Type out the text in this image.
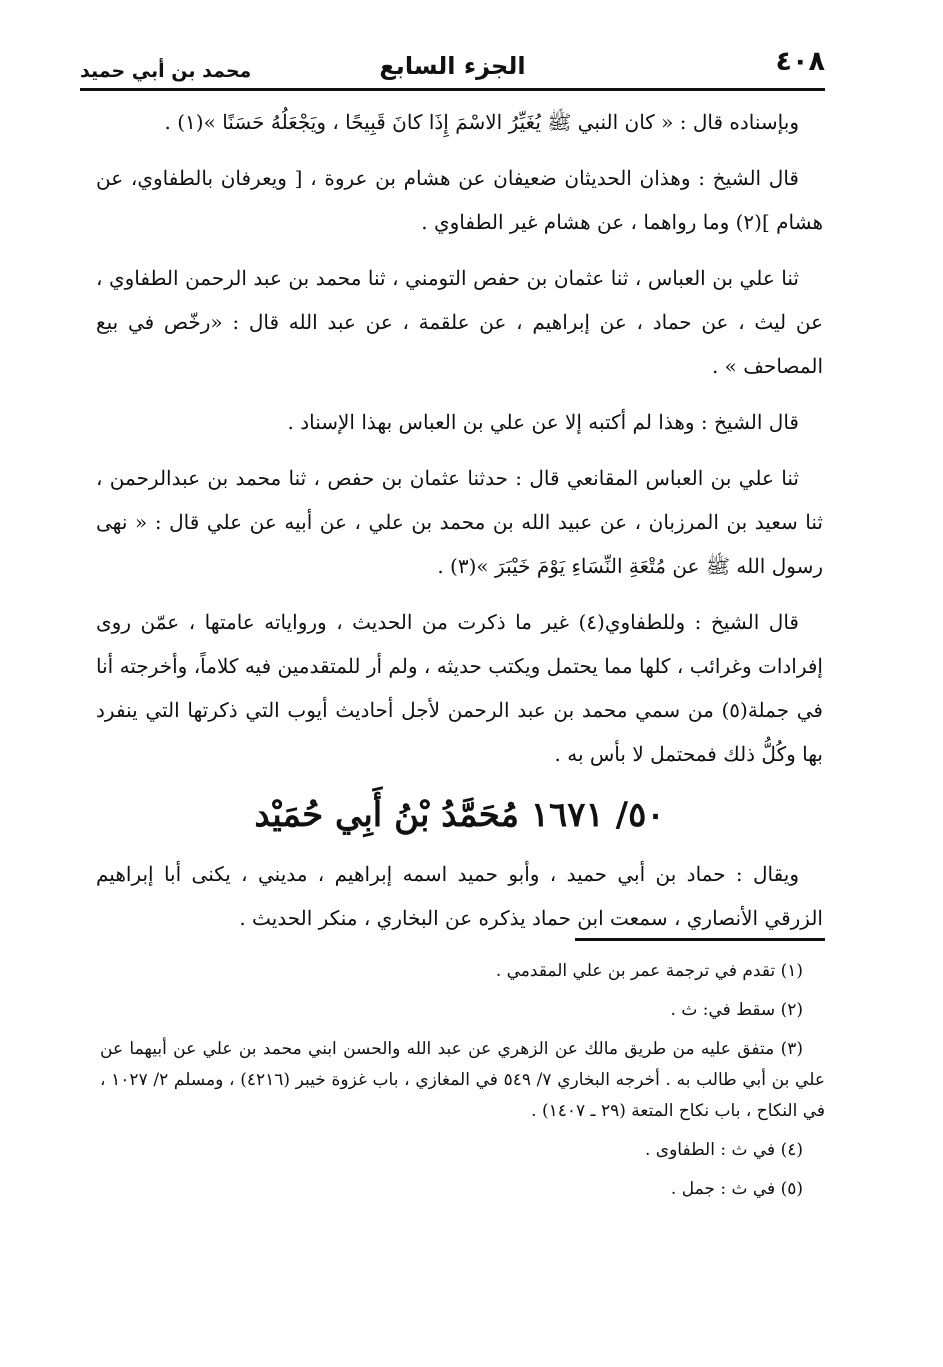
محمد بن أبي حميد	الجزء السابع	٤٠٨

وبإسناده قال : « كان النبي ﷺ يُغَيِّرُ الاسْمَ إِذَا كانَ قَبِيحًا ، ويَجْعَلُهُ حَسَنًا »(١) .

قال الشيخ : وهذان الحديثان ضعيفان عن هشام بن عروة ، [ ويعرفان بالطفاوي، عن هشام ](٢) وما رواهما ، عن هشام غير الطفاوي .

ثنا علي بن العباس ، ثنا عثمان بن حفص التومني ، ثنا محمد بن عبد الرحمن الطفاوي ، عن ليث ، عن حماد ، عن إبراهيم ، عن علقمة ، عن عبد الله قال : «رخّص في بيع المصاحف » .

قال الشيخ : وهذا لم أكتبه إلا عن علي بن العباس بهذا الإسناد .

ثنا علي بن العباس المقانعي قال : حدثنا عثمان بن حفص ، ثنا محمد بن عبدالرحمن ، ثنا سعيد بن المرزبان ، عن عبيد الله بن محمد بن علي ، عن أبيه عن علي قال : « نهى رسول الله ﷺ عن مُتْعَةِ النِّسَاءِ يَوْمَ خَيْبَرَ »(٣) .

قال الشيخ : وللطفاوي(٤) غير ما ذكرت من الحديث ، ورواياته عامتها ، عمّن روى إفرادات وغرائب ، كلها مما يحتمل ويكتب حديثه ، ولم أر للمتقدمين فيه كلاماً، وأخرجته أنا في جملة(٥) من سمي محمد بن عبد الرحمن لأجل أحاديث أيوب التي ذكرتها التي ينفرد بها وكُلُّ ذلك فمحتمل لا بأس به .

٥٠/ ١٦٧١ مُحَمَّدُ بْنُ أَبِي حُمَيْد

ويقال : حماد بن أبي حميد ، وأبو حميد اسمه إبراهيم ، مديني ، يكنى أبا إبراهيم الزرقي الأنصاري ، سمعت ابن حماد يذكره عن البخاري ، منكر الحديث .

(١) تقدم في ترجمة عمر بن علي المقدمي .

(٢) سقط في: ث .

(٣) متفق عليه من طريق مالك عن الزهري عن عبد الله والحسن ابني محمد بن علي عن أبيهما عن علي بن أبي طالب به . أخرجه البخاري ٧/ ٥٤٩ في المغازي ، باب غزوة خيبر (٤٢١٦) ، ومسلم ٢/ ١٠٢٧ ، في النكاح ، باب نكاح المتعة (٢٩ ـ ١٤٠٧) .

(٤) في ث : الطفاوى .

(٥) في ث : جمل .
